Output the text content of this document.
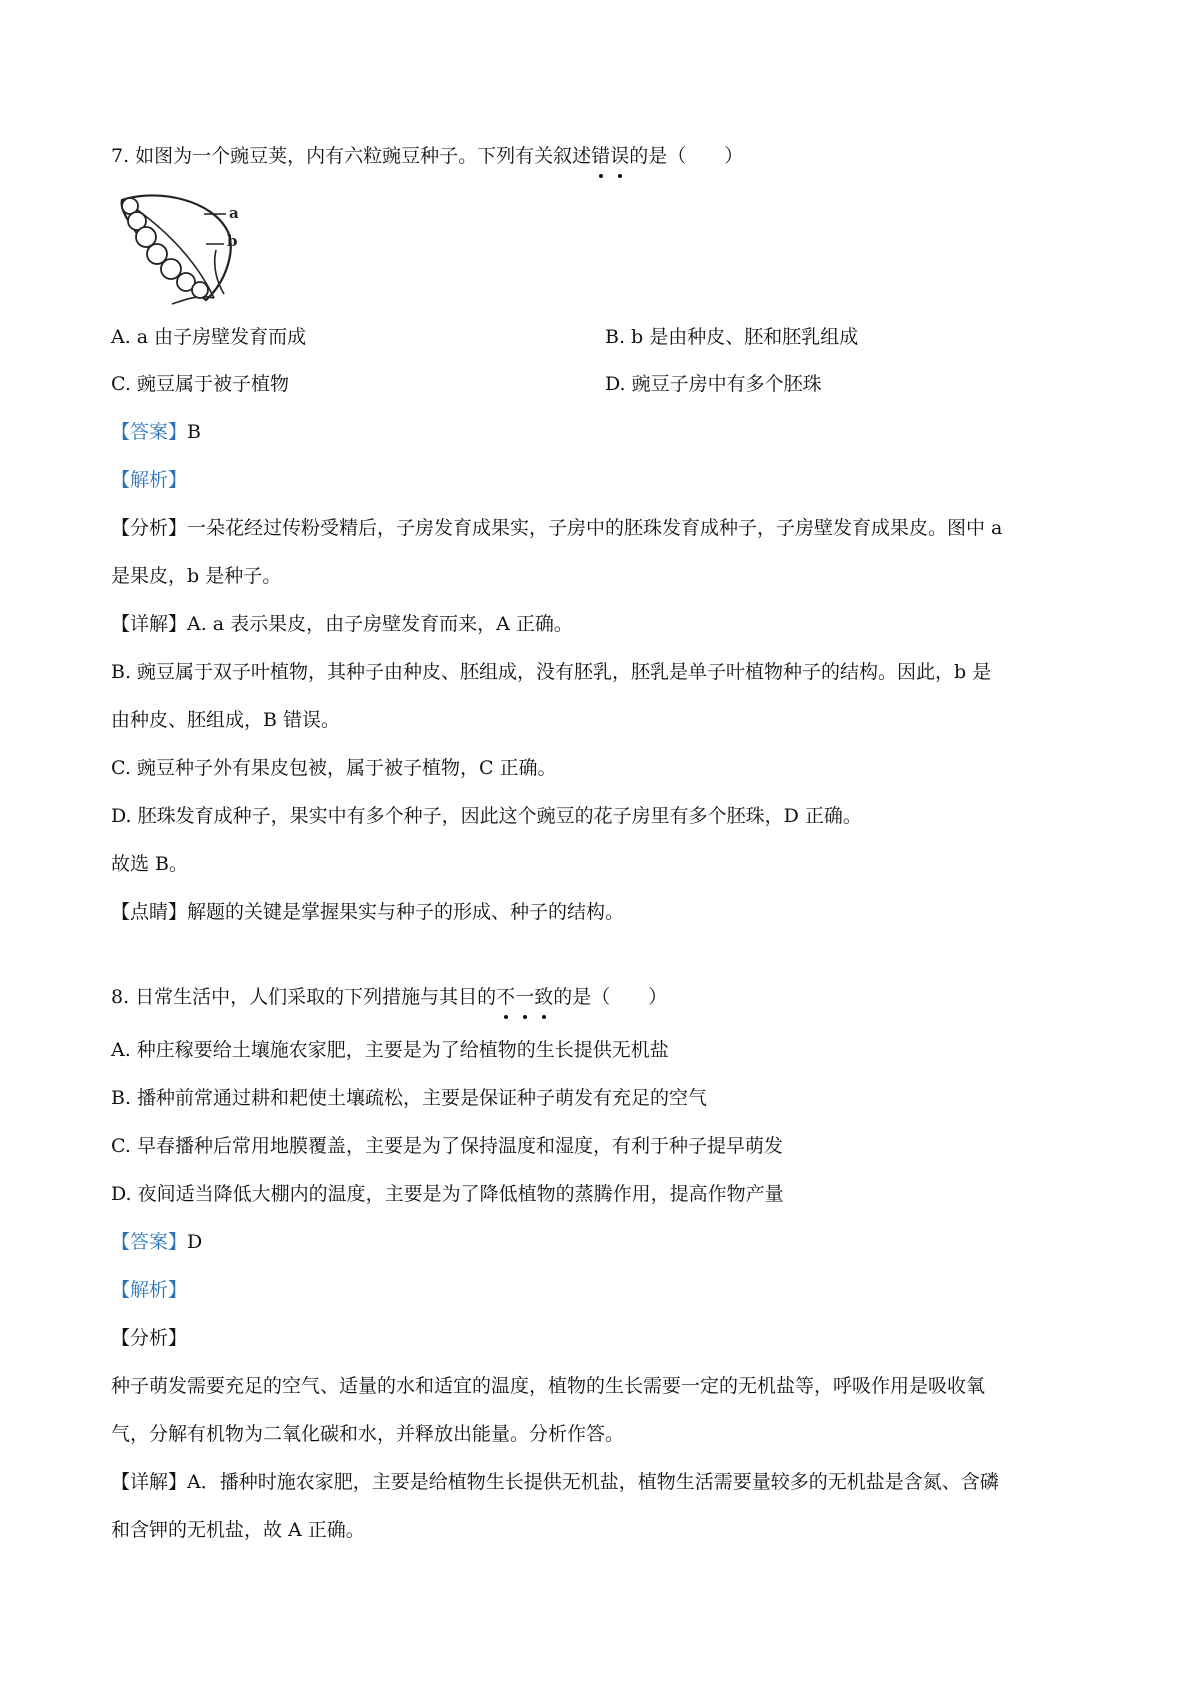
7. 如图为一个豌豆荚，内有六粒豌豆种子。下列有关叙述错误的是（　　）
a
b
A. a 由子房壁发育而成	B. b 是由种皮、胚和胚乳组成
C. 豌豆属于被子植物	D. 豌豆子房中有多个胚珠
【答案】B
【解析】
【分析】一朵花经过传粉受精后，子房发育成果实，子房中的胚珠发育成种子，子房壁发育成果皮。图中 a
是果皮，b 是种子。
【详解】A. a 表示果皮，由子房壁发育而来，A 正确。
B. 豌豆属于双子叶植物，其种子由种皮、胚组成，没有胚乳，胚乳是单子叶植物种子的结构。因此，b 是
由种皮、胚组成，B 错误。
C. 豌豆种子外有果皮包被，属于被子植物，C 正确。
D. 胚珠发育成种子，果实中有多个种子，因此这个豌豆的花子房里有多个胚珠，D 正确。
故选 B。
【点睛】解题的关键是掌握果实与种子的形成、种子的结构。
8. 日常生活中，人们采取的下列措施与其目的不一致的是（　　）
A. 种庄稼要给土壤施农家肥，主要是为了给植物的生长提供无机盐
B. 播种前常通过耕和耙使土壤疏松，主要是保证种子萌发有充足的空气
C. 早春播种后常用地膜覆盖，主要是为了保持温度和湿度，有利于种子提早萌发
D. 夜间适当降低大棚内的温度，主要是为了降低植物的蒸腾作用，提高作物产量
【答案】D
【解析】
【分析】
种子萌发需要充足的空气、适量的水和适宜的温度，植物的生长需要一定的无机盐等，呼吸作用是吸收氧
气，分解有机物为二氧化碳和水，并释放出能量。分析作答。
【详解】A．播种时施农家肥，主要是给植物生长提供无机盐，植物生活需要量较多的无机盐是含氮、含磷
和含钾的无机盐，故 A 正确。
